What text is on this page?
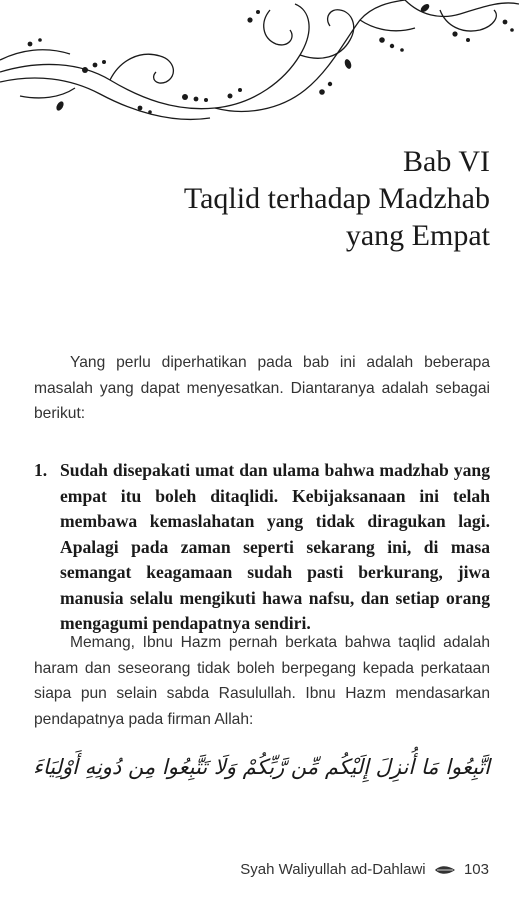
Bab VI
Taqlid terhadap Madzhab
yang Empat

Yang perlu diperhatikan pada bab ini adalah beberapa masalah yang dapat menyesatkan. Diantaranya adalah sebagai berikut:

1. Sudah disepakati umat dan ulama bahwa madzhab yang empat itu boleh ditaqlidi. Kebijaksanaan ini telah membawa kemaslahatan yang tidak diragukan lagi. Apalagi pada zaman seperti sekarang ini, di masa semangat keagamaan sudah pasti berkurang, jiwa manusia selalu mengikuti hawa nafsu, dan setiap orang mengagumi pendapatnya sendiri.

Memang, Ibnu Hazm pernah berkata bahwa taqlid adalah haram dan seseorang tidak boleh berpegang kepada perkataan siapa pun selain sabda Rasulullah. Ibnu Hazm mendasarkan pendapatnya pada firman Allah:

اتَّبِعُوا مَا أُنزِلَ إِلَيْكُم مِّن رَّبِّكُمْ وَلَا تَتَّبِعُوا مِن دُونِهِ أَوْلِيَاءَ
Syah Waliyullah ad-Dahlawi	103
